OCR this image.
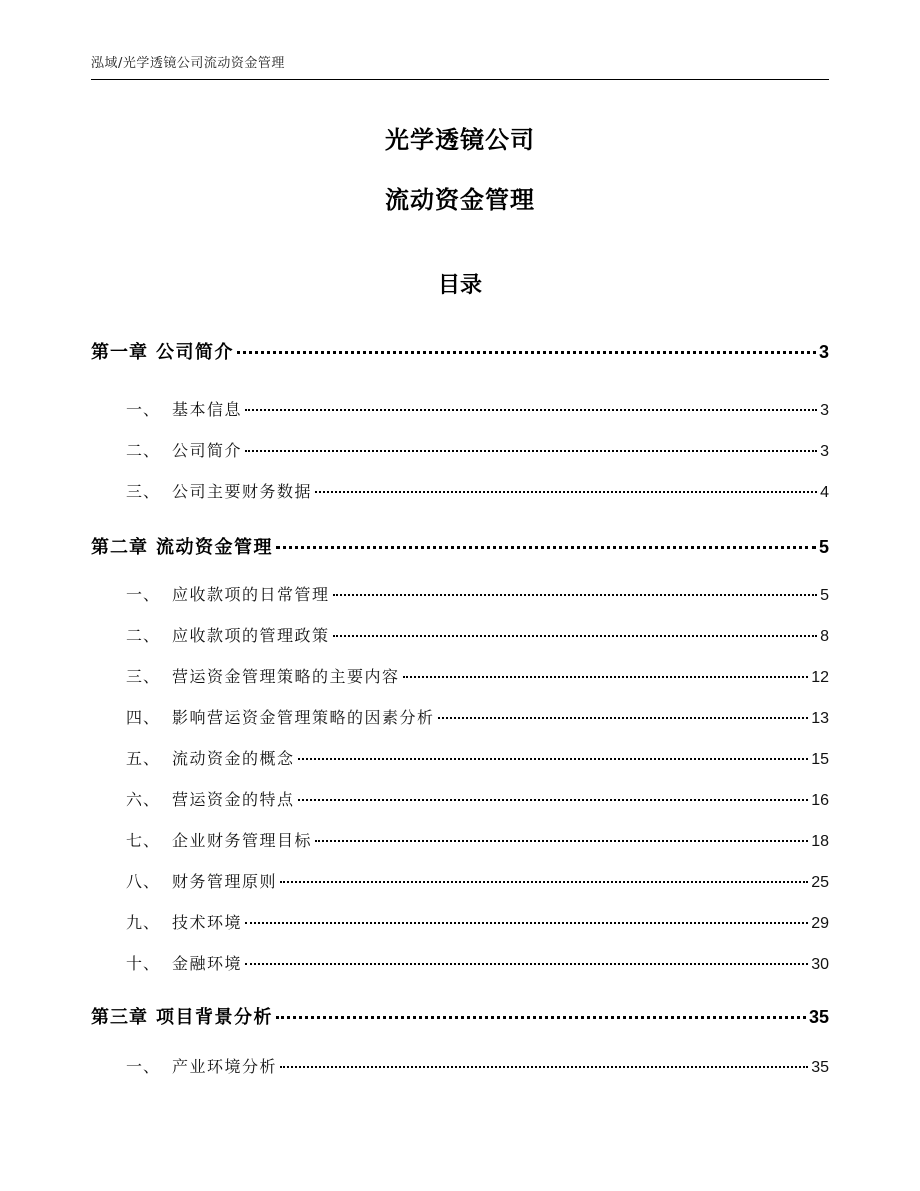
泓域/光学透镜公司流动资金管理
光学透镜公司
流动资金管理
目录
第一章 公司简介	3
一、 基本信息	3
二、 公司简介	3
三、 公司主要财务数据	4
第二章 流动资金管理	5
一、 应收款项的日常管理	5
二、 应收款项的管理政策	8
三、 营运资金管理策略的主要内容	12
四、 影响营运资金管理策略的因素分析	13
五、 流动资金的概念	15
六、 营运资金的特点	16
七、 企业财务管理目标	18
八、 财务管理原则	25
九、 技术环境	29
十、 金融环境	30
第三章 项目背景分析	35
一、 产业环境分析	35
